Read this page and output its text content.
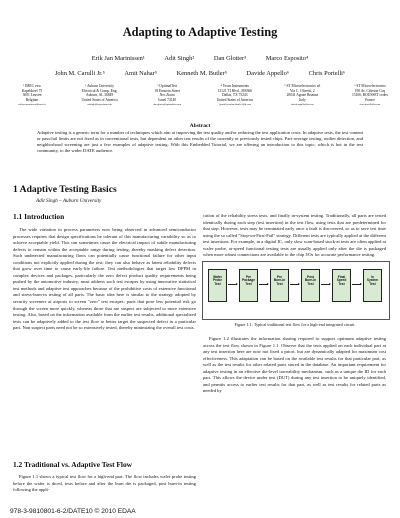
Adapting to Adaptive Testing
Erik Jan Marinissen¹	Adit Singh²	Dan Glotter³	Marco Esposito⁴
John M. Carulli Jr.⁵	Amit Nahar⁵	Kenneth M. Butler⁵	Davide Appello⁶	Chris Portelli⁶
¹ IMEC vzw
Kapeldreef 75
3001 Leuven
Belgium
erik.jan.marinissen@imec.be
² Auburn University
Electrical & Comp. Eng.
Auburn, AL 36849
United States of America
adsingh@eng.auburn.edu
³ OptimalTest
18 Einstein Street
Nes Ziona
Israel 74140
dan.glotter@optimaltest.com
⁴ Texas Instruments
13121 TI Blvd., MS366
Dallas, TX 75243
United States of America
{jcarulli,a-nahar,kbutler}@ti.com
⁵ ST Microelectronics srl
Via C. Olivetti, 2
20041 Agrate Brianza
Italy
davide.appello@st.com
⁶ ST Microelectronics
190 Av. Célestin Coq
13106, ROUSSET cedex
France
chris.portelli@st.com
Abstract
Adaptive testing is a generic term for a number of techniques which aim at improving the test quality and/or reducing the test application costs. In adaptive tests, the test content or pass/fail limits are not fixed as in conventional tests, but dependent on other test results of the currently or previously tested chips. Part-average testing, outlier detection, and neighborhood screening are just a few examples of adaptive testing. With this Embedded Tutorial, we are offering an introduction to this topic, which is hot in the test community, to the wider DATE audience.
1 Adaptive Testing Basics
Adit Singh – Auburn University
1.1 Introduction

The wide variation in process parameters now being observed in advanced semiconductor processes requires that design specifications be tolerant of this manufacturing variability so as to achieve acceptable yield. This can sometimes cause the electrical impact of subtle manufacturing defects to remain within the acceptable range during testing, thereby masking defect detection. Such undetected manufacturing flaws can potentially cause functional failure for other input conditions not explicitly applied during the test; they can also behave as latent reliability defects that grow over time to cause early-life failure. Test methodologies that target low DPPM in complex devices and packages, particularly the zero defect product quality requirements being pushed by the automotive industry, must address such test escapes by using innovative statistical test methods and adaptive test approaches because of the prohibitive costs of extensive functional and stress-burn-in testing of all parts. The basic idea here is similar to the strategy adopted by security screeners at airports to screen "zero" test escapes: parts that pose less potential risk go through the screen more quickly, whereas those that are suspect are subjected to more extensive testing. Also, based on the information available from the earlier test results, additional specialized tests can be adaptively added to the test flow to better target the suspected defect in a particular part. Non suspect parts need not be so extensively tested, thereby minimizing the overall test costs.

1.2 Traditional vs. Adaptive Test Flow

Figure 1.1 shows a typical test flow for a high-end part. The flow includes wafer probe testing before the wafer is diced, tests before and after the burn die is packaged, post burn-in testing following the appli-

cation of the reliability stress tests, and finally in-system testing. Traditionally, all parts are tested identically during each step (test insertion) in the test flow, using tests that are predetermined for that step. However, tests may be terminated early once a fault is discovered, so as to save test time using the so called "Stop-on-First-Fail" strategy. Different tests are typically applied at the different test insertions. For example, in a digital IC, only slow scan-based stuck-at tests are often applied at wafer probe, at-speed functional testing tests are usually applied only after the die is packaged when more robust connections are available to the chip I/Os for accurate performance testing.

Wafer
Probe
Test
Pre
Package
Test
Pre
Burn-In
Test
Post
Burn-In
Test
Final
Speed
Test
In
System
Test
Figure 1.1: Typical traditional test flow for a high-end integrated circuit.

Figure 1.2 illustrates the information sharing required to support optimum adaptive testing across the test flow shown in Figure 1.1. Observe that the tests applied on each individual part at any test insertion here are now not fixed a priori, but are dynamically adapted for maximum cost effectiveness. This adaptation can be based on the available test results for that particular part, as well as the test results for other related parts stored in the database. An important requirement for adaptive testing in an effective die-level traceability mechanism, such as a unique die ID for each part. This allows the device under test (DUT) during any test insertion to be uniquely identified, and permits access to earlier test results for that part, as well as test results for related parts as needed by

978-3-9810801-6-2/DATE10 © 2010 EDAA
